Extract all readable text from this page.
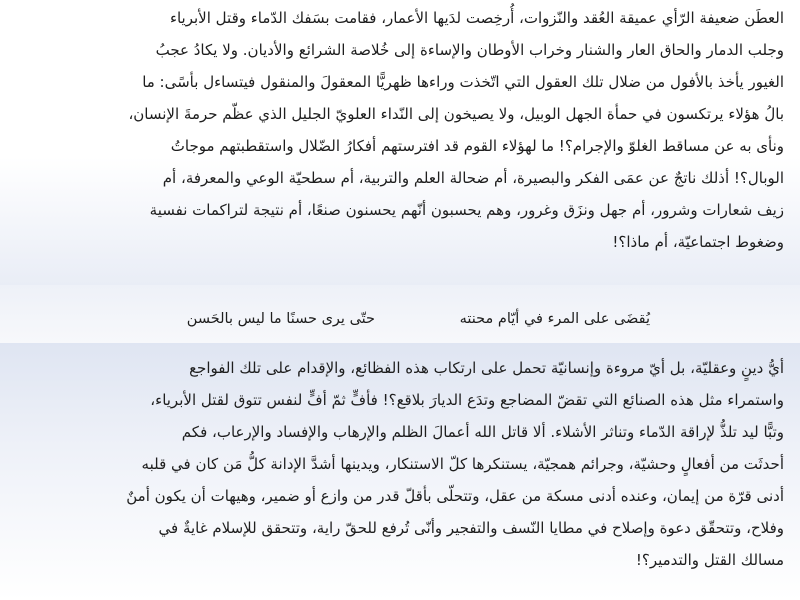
العطَن ضعيفة الرّأي عميقة العُقد والنّزوات، أُرخِصت لدَيها الأعمار، فقامت بسَفك الدّماء وقتل الأبرياء
وجلب الدمار والحاق العار والشنار وخراب الأوطان والإساءة إلى خُلاصة الشرائع والأديان. ولا يكادُ عجبُ
الغيور يأخذ بالأفول من ضلال تلك العقول التي اتّخذت وراءها ظهريًّا المعقولَ والمنقول فيتساءل بأسًى: ما
بالُ هؤلاء يرتكسون في حمأة الجهل الوبيل، ولا يصيخون إلى النّداء العلويّ الجليل الذي عظّم حرمةَ الإنسان،
ونأى به عن مساقط الغلوّ والإجرام؟! ما لهؤلاء القوم قد افترستهم أفكارُ الضّلال واستقطبتهم موجاتُ
الوبال؟! أذلك ناتجٌ عن عمَى الفكر والبصيرة، أم ضحالة العلم والتربية، أم سطحيّة الوعي والمعرفة، أم
زيف شعارات وشرور، أم جهل ونزَق وغرور، وهم يحسبون أنّهم يحسنون صنعًا، أم نتيجة لتراكمات نفسية
وضغوط اجتماعيّة، أم ماذا؟!
يُقضَى على المرء في أيّام محنته
حتّى يرى حسنًا ما ليس بالحَسن
أيُّ دينٍ وعقليّة، بل أيّ مروءة وإنسانيّة تحمل على ارتكاب هذه الفظائع، والإقدام على تلك الفواجع
واستمراء مثل هذه الصنائع التي تقضّ المضاجع وتدَع الديارَ بلاقع؟! فأفٍّ ثمّ أفٍّ لنفس تتوق لقتل الأبرياء،
وتبًّا ليد تلذُّ لإراقة الدّماء وتناثر الأشلاء. ألا قاتل الله أعمالَ الظلم والإرهاب والإفساد والإرعاب، فكم
أحدثَت من أفعالٍ وحشيّة، وجرائم همجيّة، يستنكرها كلّ الاستنكار، ويدينها أشدَّ الإدانة كلُّ مَن كان في قلبه
أدنى قرّة من إيمان، وعنده أدنى مسكة من عقل، وتتحلّى بأقلّ قدر من وازع أو ضمير، وهيهات أن يكون أمنٌ
وفلاح، وتتحقّق دعوة وإصلاح في مطايا النّسف والتفجير وأنّى تُرفع للحقّ راية، وتتحقق للإسلام غايةٌ في
مسالك القتل والتدمير؟!
